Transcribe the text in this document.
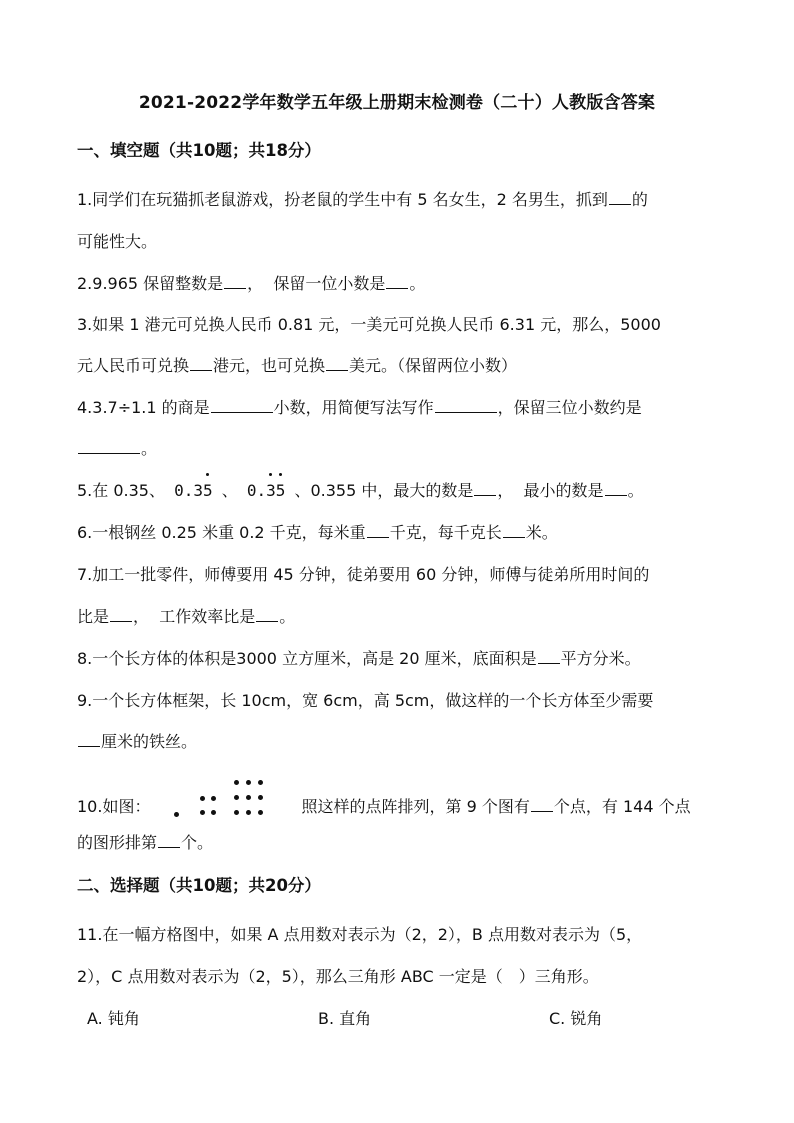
2021-2022学年数学五年级上册期末检测卷（二十）人教版含答案
一、填空题（共10题；共18分）
1.同学们在玩猫抓老鼠游戏，扮老鼠的学生中有 5 名女生，2 名男生，抓到 的
可能性大。
2.9.965 保留整数是 ，  保留一位小数是 。
3.如果 1 港元可兑换人民币 0.81 元，一美元可兑换人民币 6.31 元，那么，5000
元人民币可兑换 港元，也可兑换 美元。（保留两位小数）
4.3.7÷1.1 的商是	小数，用简便写法写作	，保留三位小数约是
。
5.在 0.35、 0.3
5 、 0.
3
5 、0.355 中，最大的数是 ，  最小的数是 。
6.一根钢丝 0.25 米重 0.2 千克，每米重 千克，每千克长 米。
7.加工一批零件，师傅要用 45 分钟，徒弟要用 60 分钟，师傅与徒弟所用时间的
比是 ，  工作效率比是 。
8.一个长方体的体积是3000 立方厘米，高是 20 厘米，底面积是 平方分米。
9.一个长方体框架，长 10cm，宽 6cm，高 5cm，做这样的一个长方体至少需要
厘米的铁丝。
10.如图：	照这样的点阵排列，第 9 个图有 个点，有 144 个点
的图形排第 个。
二、选择题（共10题；共20分）
11.在一幅方格图中，如果 A 点用数对表示为（2，2），B 点用数对表示为（5，
2），C 点用数对表示为（2，5），那么三角形 ABC 一定是（　）三角形。
A. 钝角	B. 直角	C. 锐角
